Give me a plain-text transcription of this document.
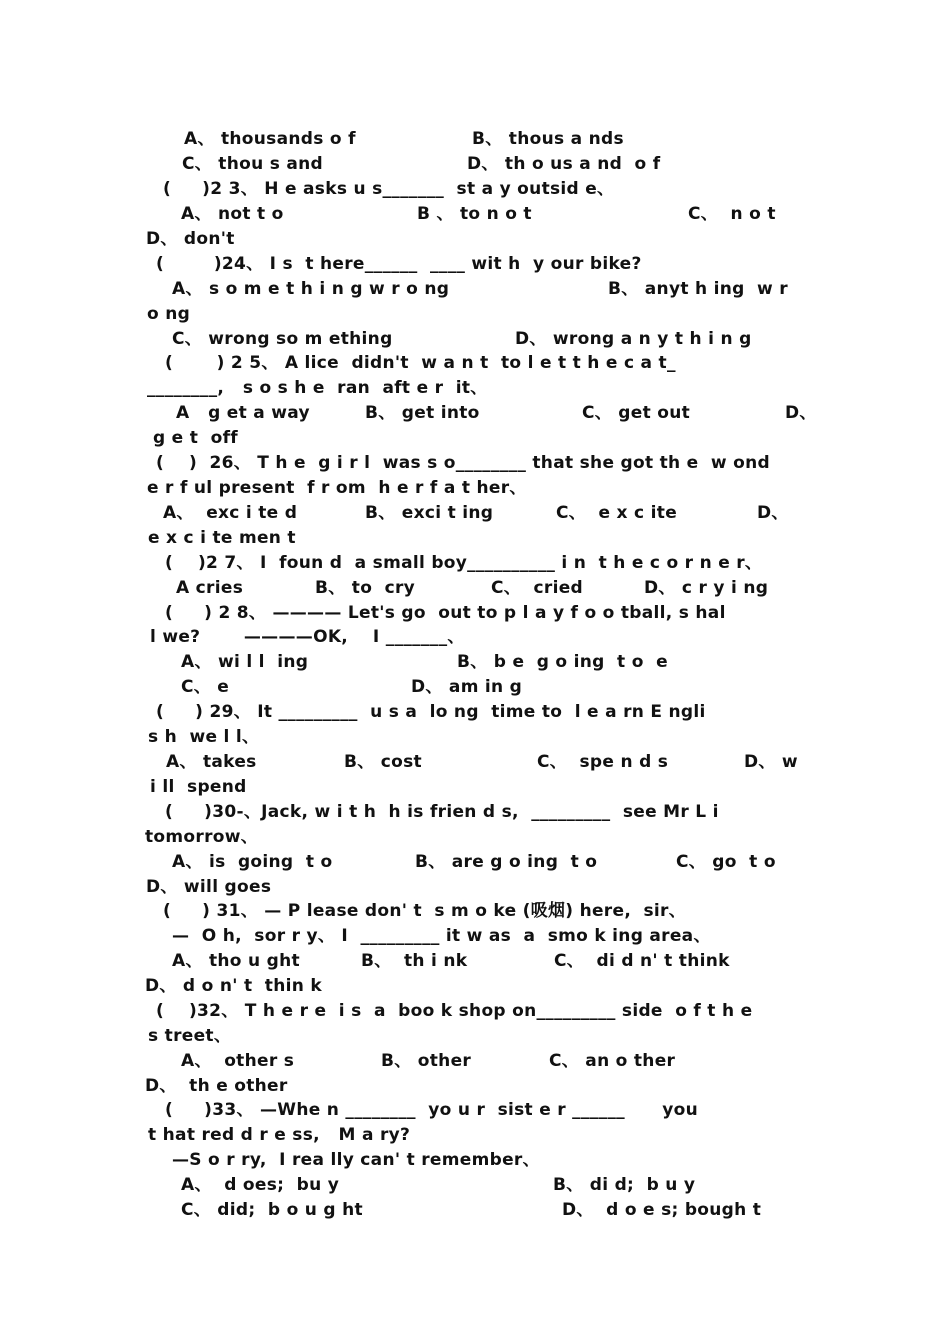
A、 thousands o f	B、 thous a nds
C、 thou s and	D、 th o us a nd  o f
(     )2 3、 H e asks u s_______  st a y outsid e、
A、 not t o	B 、 to n o t	C、  n o t
D、 don't
(        )24、 I s  t here______  ____ wit h  y our bike?
A、 s o m e t h i n g w r o ng	B、 anyt h ing  w r
o ng
C、 wrong so m ething	D、 wrong a n y t h i n g
(       ) 2 5、 A lice  didn't  w a n t  to l e t t h e c a t_
________,   s o s h e  ran  aft e r  it、
A   g et a way	B、 get into	C、 get out	D、
g e t  off
(    )  26、 T h e  g i r l  was s o________ that she got th e  w ond
e r f ul present  f r om  h e r f a t her、
A、  exc i te d	B、 exci t ing	C、  e x c ite	D、
e x c i te men t
(    )2 7、 I  foun d  a small boy__________ i n  t h e c o r n e r、
A cries	B、 to  cry	C、  cried	D、 c r y i ng
(     ) 2 8、 ———— Let's go  out to p l a y f o o tball, s hal
l we?       ————OK,    I _______、
A、 wi l l  ing	B、 b e  g o ing  t o  e
C、 e	D、 am in g
(     ) 29、 It _________  u s a  lo ng  time to  l e a rn E ngli
s h  we l l、
A、 takes	B、 cost	C、  spe n d s	D、 w
i ll  spend
(     )30-、Jack, w i t h  h is frien d s,  _________  see Mr L i
tomorrow、
A、 is  going  t o	B、 are g o ing  t o	C、 go  t o
D、 will goes
(     ) 31、 — P lease don' t  s m o ke (吸烟) here,  sir、
—  O h,  sor r y、 I  _________ it w as  a  smo k ing area、
A、 tho u ght	B、  th i nk	C、  di d n' t think
D、 d o n' t  thin k
(    )32、 T h e r e  i s  a  boo k shop on_________ side  o f t h e
s treet、
A、  other s	B、 other	C、 an o ther
D、  th e other
(     )33、 —Whe n ________  yo u r  sist e r ______      you
t hat red d r e ss,   M a ry?
—S o r ry,  I rea lly can' t remember、
A、  d oes;  bu y	B、 di d;  b u y
C、 did;  b o u g ht	D、  d o e s; bough t
